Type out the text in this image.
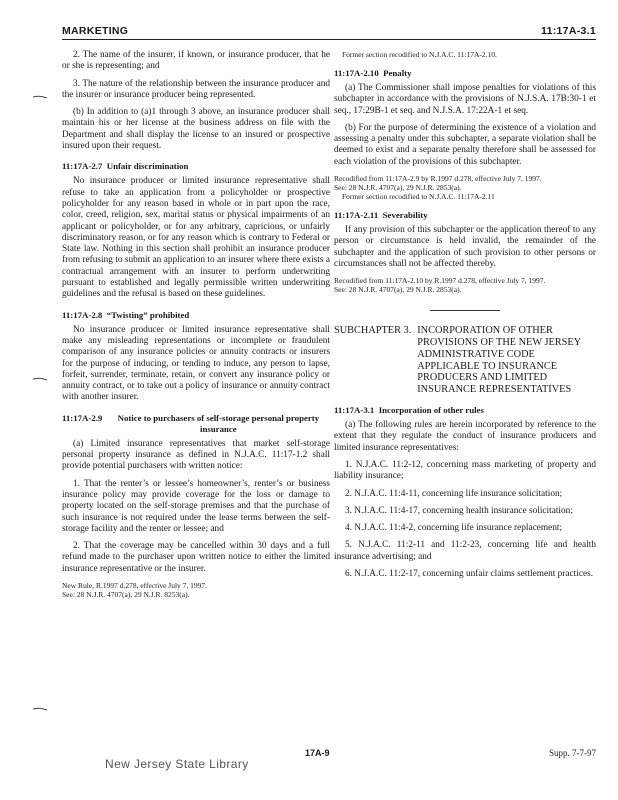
MARKETING	11:17A-3.1

2. The name of the insurer, if known, or insurance producer, that he or she is representing; and

3. The nature of the relationship between the insurance producer and the insurer or insurance producer being represented.

(b) In addition to (a)1 through 3 above, an insurance producer shall maintain his or her license at the business address on file with the Department and shall display the license to an insured or prospective insured upon their request.

11:17A-2.7 Unfair discrimination

No insurance producer or limited insurance representative shall refuse to take an application from a policyholder or prospective policyholder for any reason based in whole or in part upon the race, color, creed, religion, sex, marital status or physical impairments of an applicant or policyholder, or for any arbitrary, capricious, or unfairly discriminatory reason, or for any reason which is contrary to Federal or State law. Nothing in this section shall prohibit an insurance producer from refusing to submit an application to an insurer where there exists a contractual arrangement with an insurer to perform underwriting pursuant to established and legally permissible written underwriting guidelines and the refusal is based on these guidelines.

11:17A-2.8 “Twisting” prohibited

No insurance producer or limited insurance representative shall make any misleading representations or incomplete or fraudulent comparison of any insurance policies or annuity contracts or insurers for the purpose of inducing, or tending to induce, any person to lapse, forfeit, surrender, terminate, retain, or convert any insurance policy or annuity contract, or to take out a policy of insurance or annuity contract with another insurer.

11:17A-2.9
	Notice to purchasers of self-storage personal property insurance

(a) Limited insurance representatives that market self-storage personal property insurance as defined in N.J.A.C. 11:17-1.2 shall provide potential purchasers with written notice:

1. That the renter’s or lessee’s homeowner’s, renter’s or business insurance policy may provide coverage for the loss or damage to property located on the self-storage premises and that the purchase of such insurance is not required under the lease terms between the self-storage facility and the renter or lessee; and

2. That the coverage may be cancelled within 30 days and a full refund made to the purchaser upon written notice to either the limited insurance representative or the insurer.

New Rule, R.1997 d.278, effective July 7, 1997.
See: 28 N.J.R. 4707(a), 29 N.J.R. 8253(a).

Former section recodified to N.J.A.C. 11:17A-2.10.

11:17A-2.10 Penalty

(a) The Commissioner shall impose penalties for violations of this subchapter in accordance with the provisions of N.J.S.A. 17B:30-1 et seq., 17:29B-1 et seq. and N.J.S.A. 17:22A-1 et seq.

(b) For the purpose of determining the existence of a violation and assessing a penalty under this subchapter, a separate violation shall be deemed to exist and a separate penalty therefore shall be assessed for each violation of the provisions of this subchapter.

Recodified from 11:17A-2.9 by R.1997 d.278, effective July 7, 1997.
See: 28 N.J.R. 4707(a), 29 N.J.R. 2853(a).
Former section recodified to N.J.A.C. 11:17A-2.11

11:17A-2.11 Severability

If any provision of this subchapter or the application thereof to any person or circumstance is held invalid, the remainder of the subchapter and the application of such provision to other persons or circumstances shall not be affected thereby.

Recodified from 11:17A-2.10 by R.1997 d.278, effective July 7, 1997.
See: 28 N.J.R. 4707(a), 29 N.J.R. 2853(a).

SUBCHAPTER 3. INCORPORATION OF OTHER PROVISIONS OF THE NEW JERSEY ADMINISTRATIVE CODE APPLICABLE TO INSURANCE PRODUCERS AND LIMITED INSURANCE REPRESENTATIVES
11:17A-3.1 Incorporation of other rules

(a) The following rules are herein incorporated by reference to the extent that they regulate the conduct of insurance producers and limited insurance representatives:

1. N.J.A.C. 11:2-12, concerning mass marketing of property and liability insurance;

2. N.J.A.C. 11:4-11, concerning life insurance solicitation;

3. N.J.A.C. 11:4-17, concerning health insurance solicitation;

4. N.J.A.C. 11:4-2, concerning life insurance replacement;

5. N.J.A.C. 11:2-11 and 11:2-23, concerning life and health insurance advertising; and

6. N.J.A.C. 11:2-17, concerning unfair claims settlement practices.

17A-9	Supp. 7-7-97
New Jersey State Library
